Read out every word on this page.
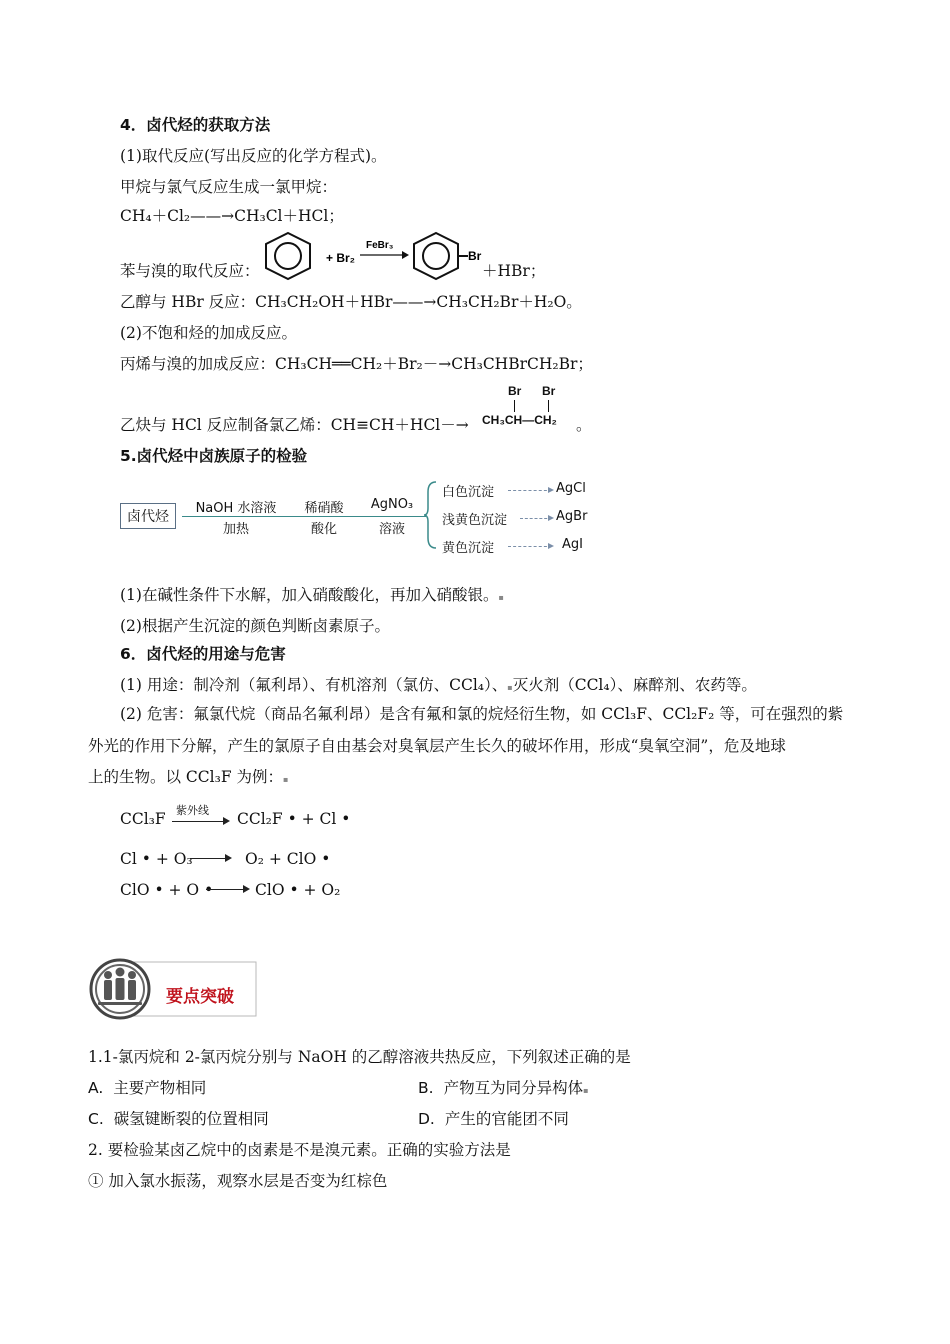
4．卤代烃的获取方法
(1)取代反应(写出反应的化学方程式)。
甲烷与氯气反应生成一氯甲烷：
CH₄＋Cl₂——→CH₃Cl＋HCl；
苯与溴的取代反应：
+ Br₂
FeBr₃
Br
＋HBr；
乙醇与 HBr 反应：CH₃CH₂OH＋HBr——→CH₃CH₂Br＋H₂O。
(2)不饱和烃的加成反应。
丙烯与溴的加成反应：CH₃CH══CH₂＋Br₂－→CH₃CHBrCH₂Br；
乙炔与 HCl 反应制备氯乙烯：CH≡CH＋HCl－→
Br Br
CH₃CH—CH₂ 。
5.卤代烃中卤族原子的检验
卤代烃
NaOH 水溶液
加热
稀硝酸
酸化
AgNO₃
溶液
白色沉淀	AgCl
浅黄色沉淀	AgBr
黄色沉淀	AgI
(1)在碱性条件下水解，加入硝酸酸化，再加入硝酸银。▪
(2)根据产生沉淀的颜色判断卤素原子。
6．卤代烃的用途与危害
(1) 用途：制冷剂（氟利昂）、有机溶剂（氯仿、CCl₄）、▪灭火剂（CCl₄）、麻醉剂、农药等。
(2) 危害：氟氯代烷（商品名氟利昂）是含有氟和氯的烷烃衍生物，如 CCl₃F、CCl₂F₂ 等，可在强烈的紫
外光的作用下分解，产生的氯原子自由基会对臭氧层产生长久的破坏作用，形成“臭氧空洞”，危及地球
上的生物。以 CCl₃F 为例：▪
CCl₃F 紫外线 CCl₂F • + Cl •
Cl • + O₃	O₂ + ClO •
ClO • + O •	ClO • + O₂
要点突破
1.1-氯丙烷和 2-氯丙烷分别与 NaOH 的乙醇溶液共热反应，下列叙述正确的是
A. 主要产物相同	B. 产物互为同分异构体▪
C. 碳氢键断裂的位置相同	D. 产生的官能团不同
2. 要检验某卤乙烷中的卤素是不是溴元素。正确的实验方法是
① 加入氯水振荡，观察水层是否变为红棕色
